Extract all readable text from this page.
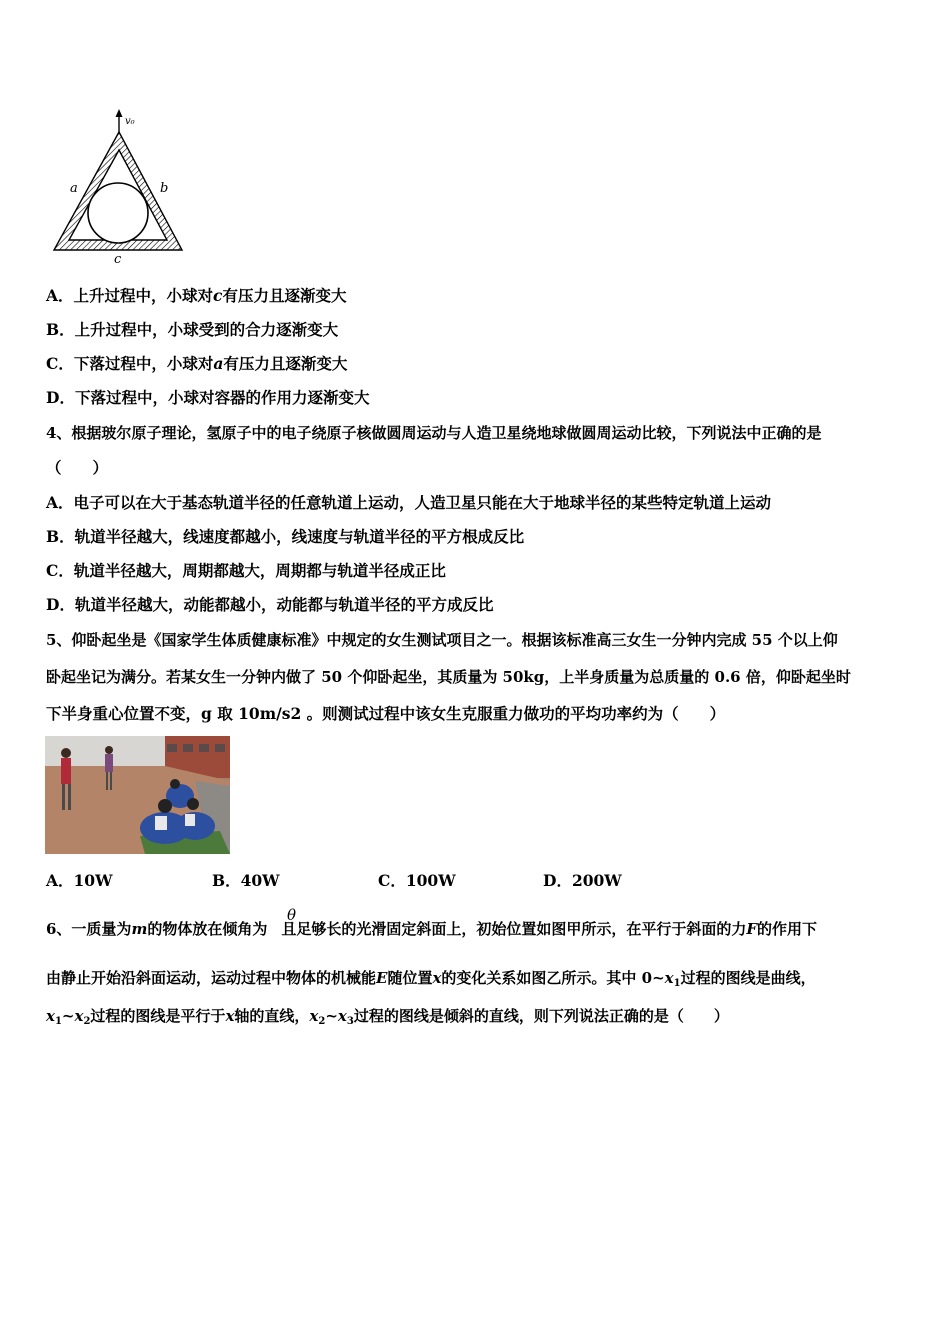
v₀
a	b
c
A．上升过程中，小球对c有压力且逐渐变大
B．上升过程中，小球受到的合力逐渐变大
C．下落过程中，小球对a有压力且逐渐变大
D．下落过程中，小球对容器的作用力逐渐变大
4、根据玻尔原子理论，氢原子中的电子绕原子核做圆周运动与人造卫星绕地球做圆周运动比较，下列说法中正确的是
（　　）
A．电子可以在大于基态轨道半径的任意轨道上运动，人造卫星只能在大于地球半径的某些特定轨道上运动
B．轨道半径越大，线速度都越小，线速度与轨道半径的平方根成反比
C．轨道半径越大，周期都越大，周期都与轨道半径成正比
D．轨道半径越大，动能都越小，动能都与轨道半径的平方成反比
5、仰卧起坐是《国家学生体质健康标准》中规定的女生测试项目之一。根据该标准高三女生一分钟内完成 55 个以上仰
卧起坐记为满分。若某女生一分钟内做了 50 个仰卧起坐，其质量为 50kg，上半身质量为总质量的 0.6 倍，仰卧起坐时
下半身重心位置不变，g 取 10m/s2 。则测试过程中该女生克服重力做功的平均功率约为（　　）
A．10W	B．40W	C．100W	D．200W
θ
6、一质量为m的物体放在倾角为 且足够长的光滑固定斜面上，初始位置如图甲所示，在平行于斜面的力F的作用下
由静止开始沿斜面运动，运动过程中物体的机械能E随位置x的变化关系如图乙所示。其中 $0\sim x_1$过程的图线是曲线，
$x_1\sim x_2$过程的图线是平行于x轴的直线，$x_2\sim x_3$过程的图线是倾斜的直线，则下列说法正确的是（　　）
